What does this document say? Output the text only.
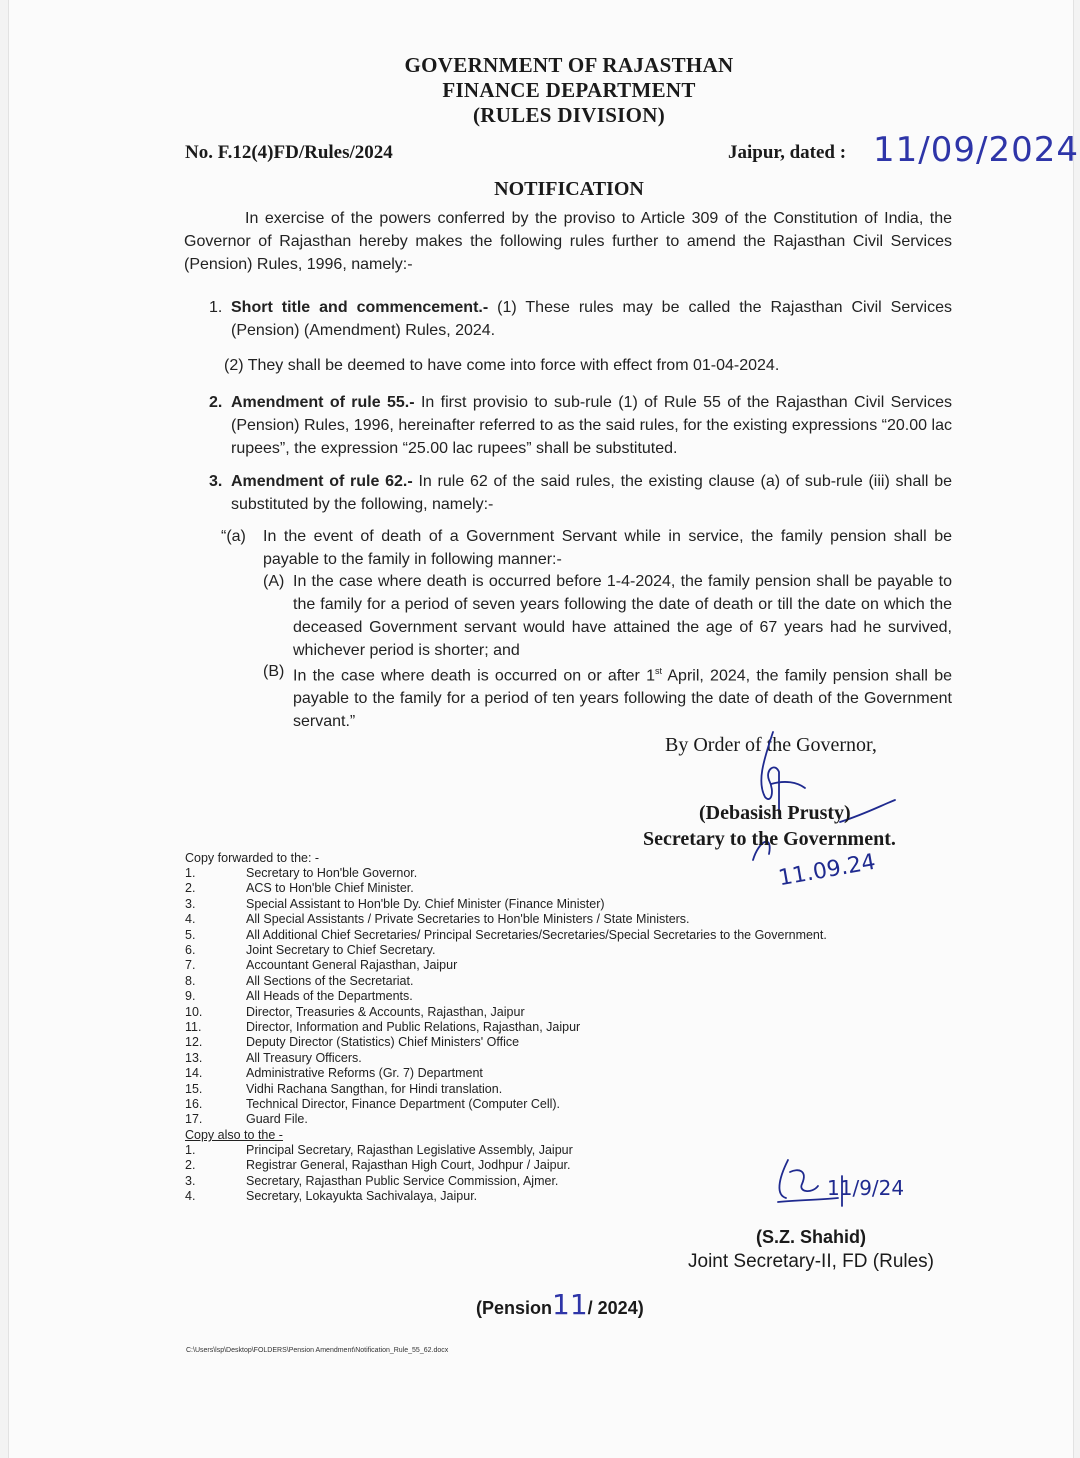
GOVERNMENT OF RAJASTHAN
FINANCE DEPARTMENT
(RULES DIVISION)
No. F.12(4)FD/Rules/2024	Jaipur, dated : 11/09/2024
NOTIFICATION

In exercise of the powers conferred by the proviso to Article 309 of the Constitution of India, the Governor of Rajasthan hereby makes the following rules further to amend the Rajasthan Civil Services (Pension) Rules, 1996, namely:-

1. Short title and commencement.- (1) These rules may be called the Rajasthan Civil Services (Pension) (Amendment) Rules, 2024.

(2) They shall be deemed to have come into force with effect from 01-04-2024.

2. Amendment of rule 55.- In first provisio to sub-rule (1) of Rule 55 of the Rajasthan Civil Services (Pension) Rules, 1996, hereinafter referred to as the said rules, for the existing expressions “20.00 lac rupees”, the expression “25.00 lac rupees” shall be substituted.

3. Amendment of rule 62.- In rule 62 of the said rules, the existing clause (a) of sub-rule (iii) shall be substituted by the following, namely:-

“(a) In the event of death of a Government Servant while in service, the family pension shall be payable to the family in following manner:-

(A) In the case where death is occurred before 1-4-2024, the family pension shall be payable to the family for a period of seven years following the date of death or till the date on which the deceased Government servant would have attained the age of 67 years had he survived, whichever period is shorter; and

(B) In the case where death is occurred on or after 1st April, 2024, the family pension shall be payable to the family for a period of ten years following the date of death of the Government servant.”

By Order of the Governor,
(Debasish Prusty)
Secretary to the Government.
11.09.24
Copy forwarded to the: -
1.	Secretary to Hon'ble Governor.
2.	ACS to Hon'ble Chief Minister.
3.	Special Assistant to Hon'ble Dy. Chief Minister (Finance Minister)
4.	All Special Assistants / Private Secretaries to Hon'ble Ministers / State Ministers.
5.	All Additional Chief Secretaries/ Principal Secretaries/Secretaries/Special Secretaries to the Government.
6.	Joint Secretary to Chief Secretary.
7.	Accountant General Rajasthan, Jaipur
8.	All Sections of the Secretariat.
9.	All Heads of the Departments.
10.	Director, Treasuries & Accounts, Rajasthan, Jaipur
11.	Director, Information and Public Relations, Rajasthan, Jaipur
12.	Deputy Director (Statistics) Chief Ministers' Office
13.	All Treasury Officers.
14.	Administrative Reforms (Gr. 7) Department
15.	Vidhi Rachana Sangthan, for Hindi translation.
16.	Technical Director, Finance Department (Computer Cell).
17.	Guard File.
Copy also to the -
1.	Principal Secretary, Rajasthan Legislative Assembly, Jaipur
2.	Registrar General, Rajasthan High Court, Jodhpur / Jaipur.
3.	Secretary, Rajasthan Public Service Commission, Ajmer.
4.	Secretary, Lokayukta Sachivalaya, Jaipur.	11/9/24
(S.Z. Shahid)
Joint Secretary-II, FD (Rules)
(Pension11/ 2024)
C:\Users\lsp\Desktop\FOLDERS\Pension Amendment\Notification_Rule_55_62.docx
